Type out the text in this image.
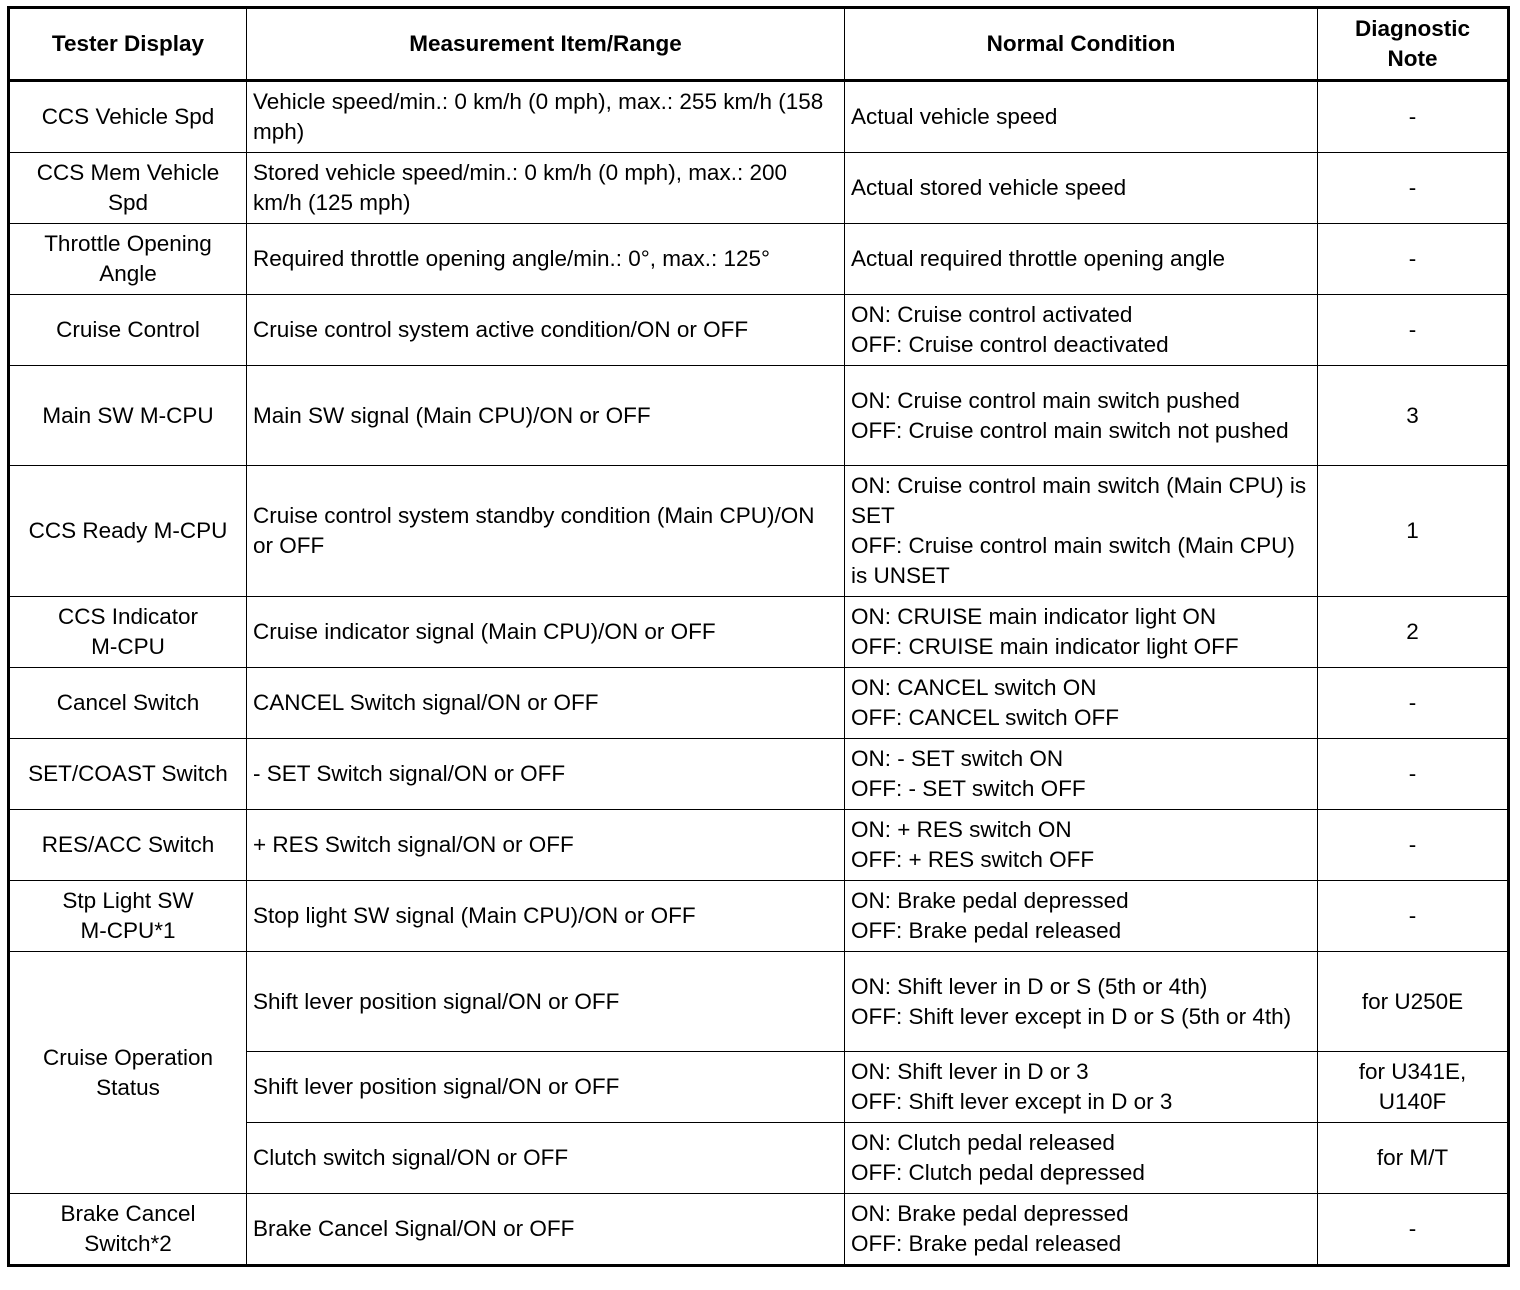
Tester Display	Measurement Item/Range	Normal Condition	Diagnostic
Note
CCS Vehicle Spd	Vehicle speed/min.: 0 km/h (0 mph), max.: 255 km/h (158 mph)	Actual vehicle speed	-
CCS Mem Vehicle Spd	Stored vehicle speed/min.: 0 km/h (0 mph), max.: 200 km/h (125 mph)	Actual stored vehicle speed	-
Throttle Opening Angle	Required throttle opening angle/min.: 0°, max.: 125°	Actual required throttle opening angle	-
Cruise Control	Cruise control system active condition/ON or OFF	ON: Cruise control activated
OFF: Cruise control deactivated	-
Main SW M-CPU	Main SW signal (Main CPU)/ON or OFF	ON: Cruise control main switch pushed
OFF: Cruise control main switch not pushed	3
CCS Ready M-CPU	Cruise control system standby condition (Main CPU)/ON or OFF	ON: Cruise control main switch (Main CPU) is SET
OFF: Cruise control main switch (Main CPU) is UNSET	1
CCS Indicator
M-CPU	Cruise indicator signal (Main CPU)/ON or OFF	ON: CRUISE main indicator light ON
OFF: CRUISE main indicator light OFF	2
Cancel Switch	CANCEL Switch signal/ON or OFF	ON: CANCEL switch ON
OFF: CANCEL switch OFF	-
SET/COAST Switch	- SET Switch signal/ON or OFF	ON: - SET switch ON
OFF: - SET switch OFF	-
RES/ACC Switch	+ RES Switch signal/ON or OFF	ON: + RES switch ON
OFF: + RES switch OFF	-
Stp Light SW
M-CPU*1	Stop light SW signal (Main CPU)/ON or OFF	ON: Brake pedal depressed
OFF: Brake pedal released	-
Cruise Operation
Status	Shift lever position signal/ON or OFF	ON: Shift lever in D or S (5th or 4th)
OFF: Shift lever except in D or S (5th or 4th)	for U250E
	Shift lever position signal/ON or OFF	ON: Shift lever in D or 3
OFF: Shift lever except in D or 3	for U341E,
U140F
	Clutch switch signal/ON or OFF	ON: Clutch pedal released
OFF: Clutch pedal depressed	for M/T
Brake Cancel
Switch*2	Brake Cancel Signal/ON or OFF	ON: Brake pedal depressed
OFF: Brake pedal released	-
